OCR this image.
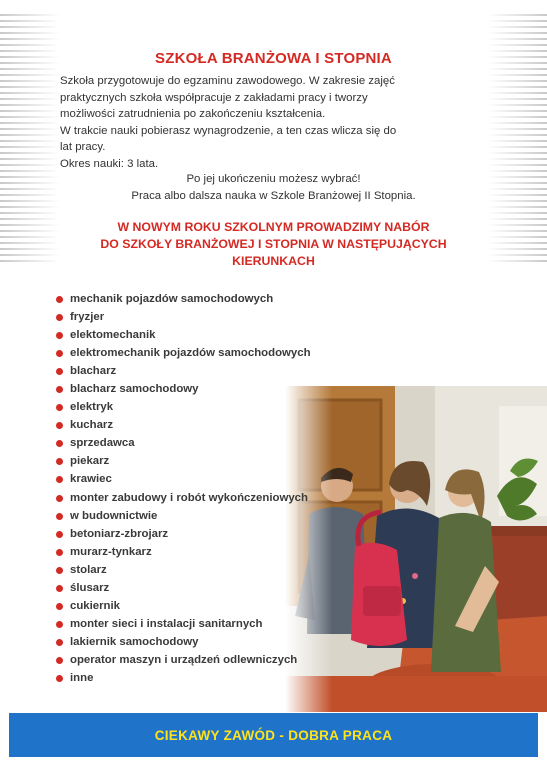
SZKOŁA BRANŻOWA I STOPNIA

Szkoła przygotowuje do egzaminu zawodowego. W zakresie zajęć

praktycznych szkoła współpracuje z zakładami pracy i tworzy

możliwości zatrudnienia po zakończeniu kształcenia.

W trakcie nauki pobierasz wynagrodzenie, a ten czas wlicza się do

lat pracy.

Okres nauki: 3 lata.

Po jej ukończeniu możesz wybrać!

Praca albo dalsza nauka w Szkole Branżowej II Stopnia.

W NOWYM ROKU SZKOLNYM PROWADZIMY NABÓR

DO SZKOŁY BRANŻOWEJ I STOPNIA W NASTĘPUJĄCYCH

KIERUNKACH

mechanik pojazdów samochodowych
fryzjer
elektomechanik
elektromechanik pojazdów samochodowych
blacharz
blacharz samochodowy
elektryk
kucharz
sprzedawca
piekarz
krawiec
monter zabudowy i robót wykończeniowych
w budownictwie
betoniarz-zbrojarz
murarz-tynkarz
stolarz
ślusarz
cukiernik
monter sieci i instalacji sanitarnych
lakiernik samochodowy
operator maszyn i urządzeń odlewniczych
inne
CIEKAWY ZAWÓD - DOBRA PRACA
